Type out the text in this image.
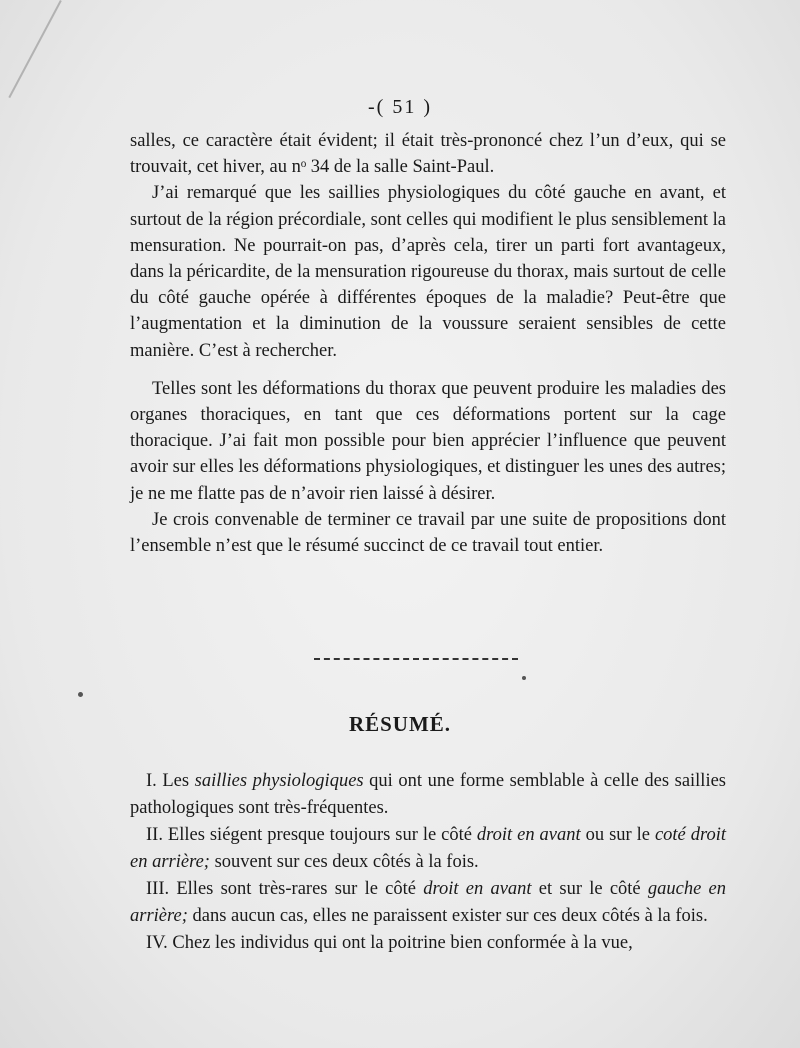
-( 51 )

salles, ce caractère était évident; il était très-prononcé chez l’un d’eux, qui se trouvait, cet hiver, au nᵒ 34 de la salle Saint-Paul.

J’ai remarqué que les saillies physiologiques du côté gauche en avant, et surtout de la région précordiale, sont celles qui modifient le plus sensiblement la mensuration. Ne pourrait-on pas, d’après cela, tirer un parti fort avantageux, dans la péricardite, de la mensuration rigoureuse du thorax, mais surtout de celle du côté gauche opérée à différentes époques de la maladie? Peut-être que l’augmentation et la diminution de la voussure seraient sensibles de cette manière. C’est à rechercher.

Telles sont les déformations du thorax que peuvent produire les maladies des organes thoraciques, en tant que ces déformations portent sur la cage thoracique. J’ai fait mon possible pour bien apprécier l’influence que peuvent avoir sur elles les déformations physiologiques, et distinguer les unes des autres; je ne me flatte pas de n’avoir rien laissé à désirer.

Je crois convenable de terminer ce travail par une suite de propositions dont l’ensemble n’est que le résumé succinct de ce travail tout entier.

RÉSUMÉ.

I. Les saillies physiologiques qui ont une forme semblable à celle des saillies pathologiques sont très-fréquentes.

II. Elles siégent presque toujours sur le côté droit en avant ou sur le coté droit en arrière; souvent sur ces deux côtés à la fois.

III. Elles sont très-rares sur le côté droit en avant et sur le côté gauche en arrière; dans aucun cas, elles ne paraissent exister sur ces deux côtés à la fois.

IV. Chez les individus qui ont la poitrine bien conformée à la vue,
